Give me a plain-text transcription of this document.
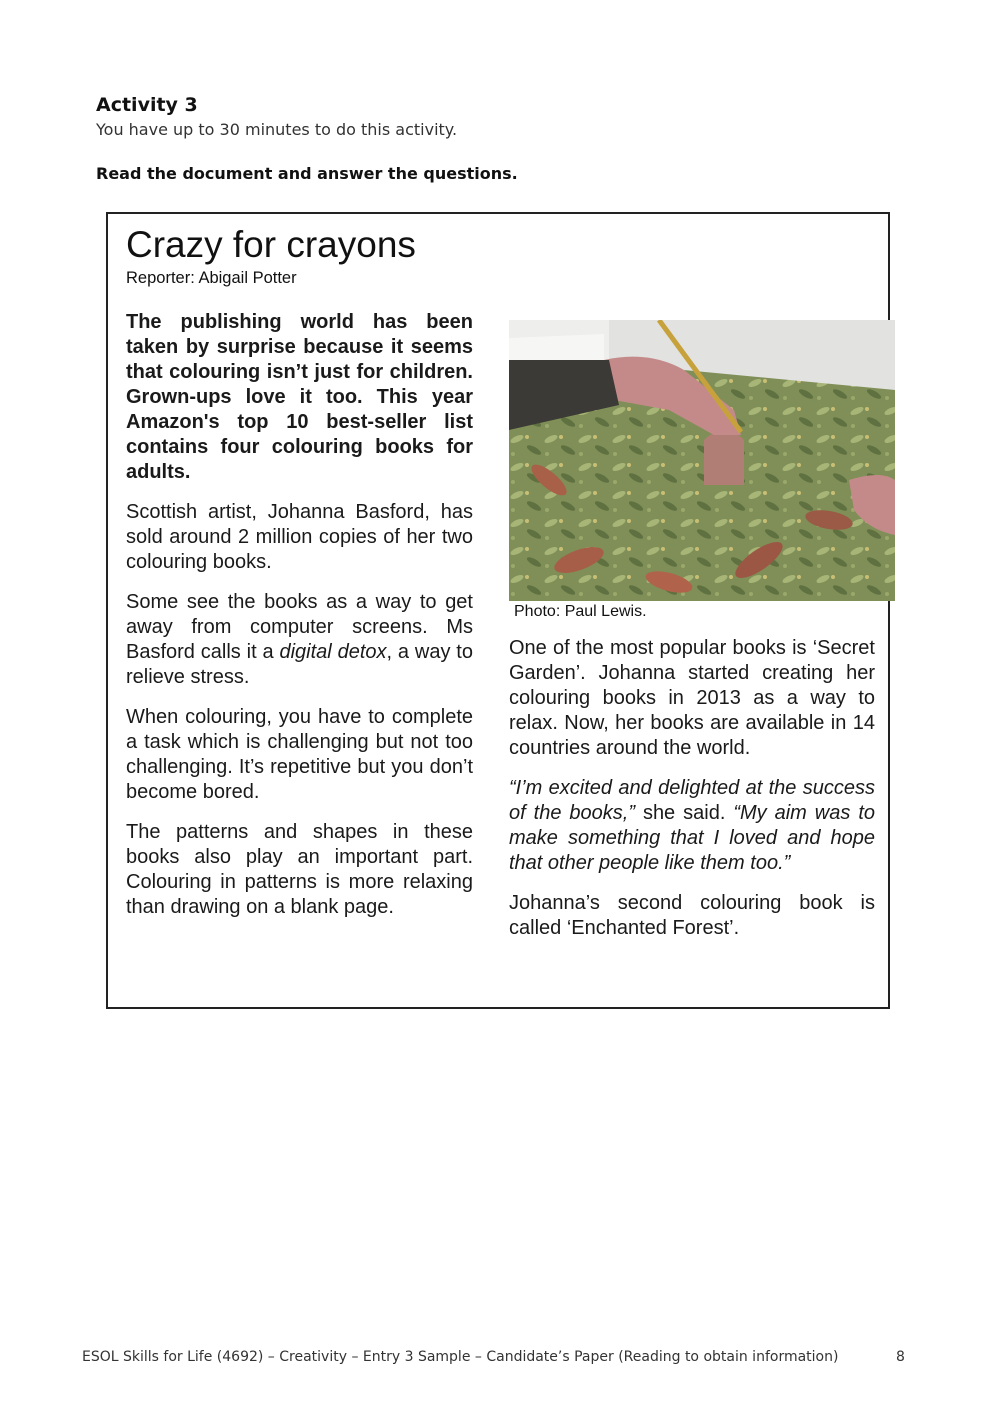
Activity 3
You have up to 30 minutes to do this activity.
Read the document and answer the questions.
Crazy for crayons
Reporter: Abigail Potter

The publishing world has been taken by surprise because it seems that colouring isn’t just for children. Grown-ups love it too. This year Amazon's top 10 best-seller list contains four colouring books for adults.

Scottish artist, Johanna Basford, has sold around 2 million copies of her two colouring books.

Some see the books as a way to get away from computer screens. Ms Basford calls it a digital detox, a way to relieve stress.

When colouring, you have to complete a task which is challenging but not too challenging. It’s repetitive but you don’t become bored.

The patterns and shapes in these books also play an important part. Colouring in patterns is more relaxing than drawing on a blank page.

Photo: Paul Lewis.

One of the most popular books is ‘Secret Garden’. Johanna started creating her colouring books in 2013 as a way to relax. Now, her books are available in 14 countries around the world.

“I’m excited and delighted at the success of the books,” she said. “My aim was to make something that I loved and hope that other people like them too.”

Johanna’s second colouring book is called ‘Enchanted Forest’.

ESOL Skills for Life (4692) – Creativity – Entry 3 Sample – Candidate’s Paper (Reading to obtain information)	8
